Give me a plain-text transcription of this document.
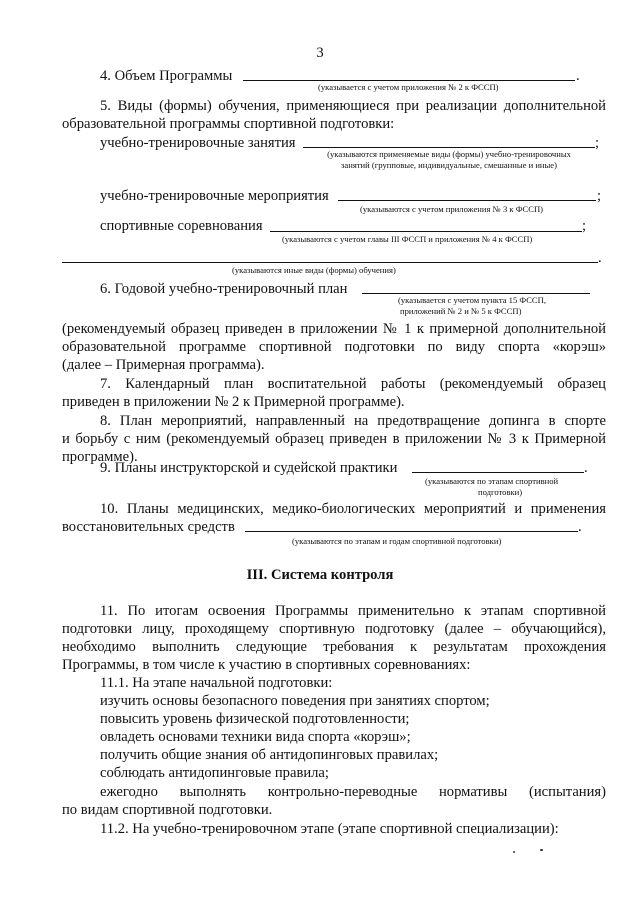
3
4. Объем Программы	.
(указывается с учетом приложения № 2 к ФССП)
5. Виды (формы) обучения, применяющиеся при реализации дополнительной
образовательной программы спортивной подготовки:
учебно-тренировочные занятия	;
(указываются применяемые виды (формы) учебно-тренировочных занятий (групповые, индивидуальные, смешанные и иные)
учебно-тренировочные мероприятия	;
(указываются с учетом приложения № 3 к ФССП)
спортивные соревнования	;
(указываются с учетом главы III ФССП и приложения № 4 к ФССП)
.
(указываются иные виды (формы) обучения)
6. Годовой учебно-тренировочный план
(указывается с учетом пункта 15 ФССП,
приложений № 2 и № 5 к ФССП)
(рекомендуемый образец приведен в приложении № 1 к примерной дополнительной
образовательной программе спортивной подготовки по виду спорта «корэш»
(далее – Примерная программа).
7. Календарный план воспитательной работы (рекомендуемый образец
приведен в приложении № 2 к Примерной программе).
8. План мероприятий, направленный на предотвращение допинга в спорте
и борьбу с ним (рекомендуемый образец приведен в приложении № 3 к Примерной
программе).
9. Планы инструкторской и судейской практики	.
(указываются по этапам спортивной
подготовки)
10. Планы медицинских, медико-биологических мероприятий и применения
восстановительных средств	.
(указываются по этапам и годам спортивной подготовки)
III. Система контроля
11. По итогам освоения Программы применительно к этапам спортивной
подготовки лицу, проходящему спортивную подготовку (далее – обучающийся),
необходимо выполнить следующие требования к результатам прохождения
Программы, в том числе к участию в спортивных соревнованиях:
11.1. На этапе начальной подготовки:
изучить основы безопасного поведения при занятиях спортом;
повысить уровень физической подготовленности;
овладеть основами техники вида спорта «корэш»;
получить общие знания об антидопинговых правилах;
соблюдать антидопинговые правила;
ежегодно выполнять контрольно-переводные нормативы (испытания)
по видам спортивной подготовки.
11.2. На учебно-тренировочном этапе (этапе спортивной специализации):
